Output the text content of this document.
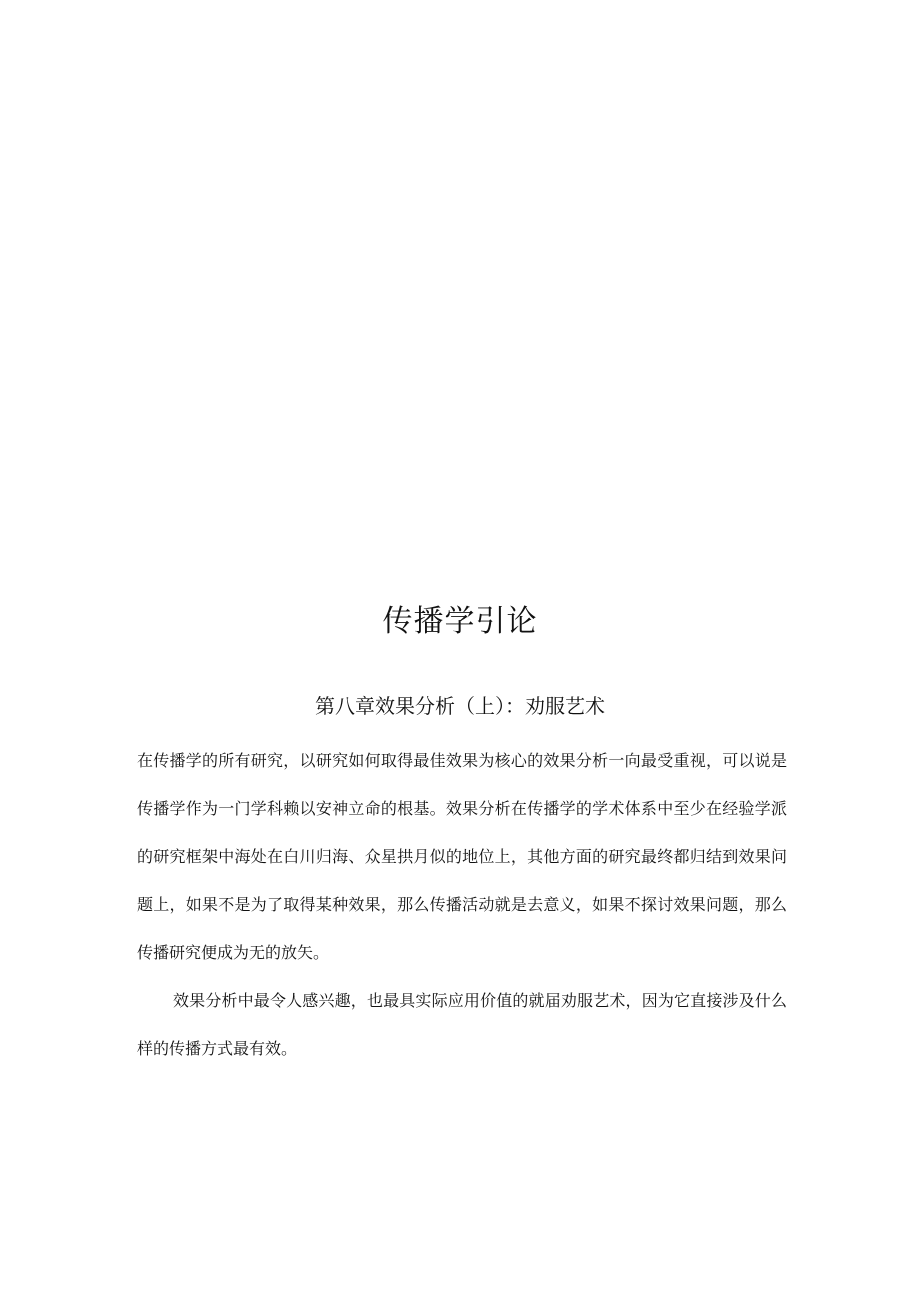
传播学引论
第八章效果分析（上）：劝服艺术

在传播学的所有研究，以研究如何取得最佳效果为核心的效果分析一向最受重视，可以说是传播学作为一门学科赖以安神立命的根基。效果分析在传播学的学术体系中至少在经验学派的研究框架中海处在白川归海、众星拱月似的地位上，其他方面的研究最终都归结到效果问题上，如果不是为了取得某种效果，那么传播活动就是去意义，如果不探讨效果问题，那么传播研究便成为无的放矢。

效果分析中最令人感兴趣，也最具实际应用价值的就届劝服艺术，因为它直接涉及什么样的传播方式最有效。
